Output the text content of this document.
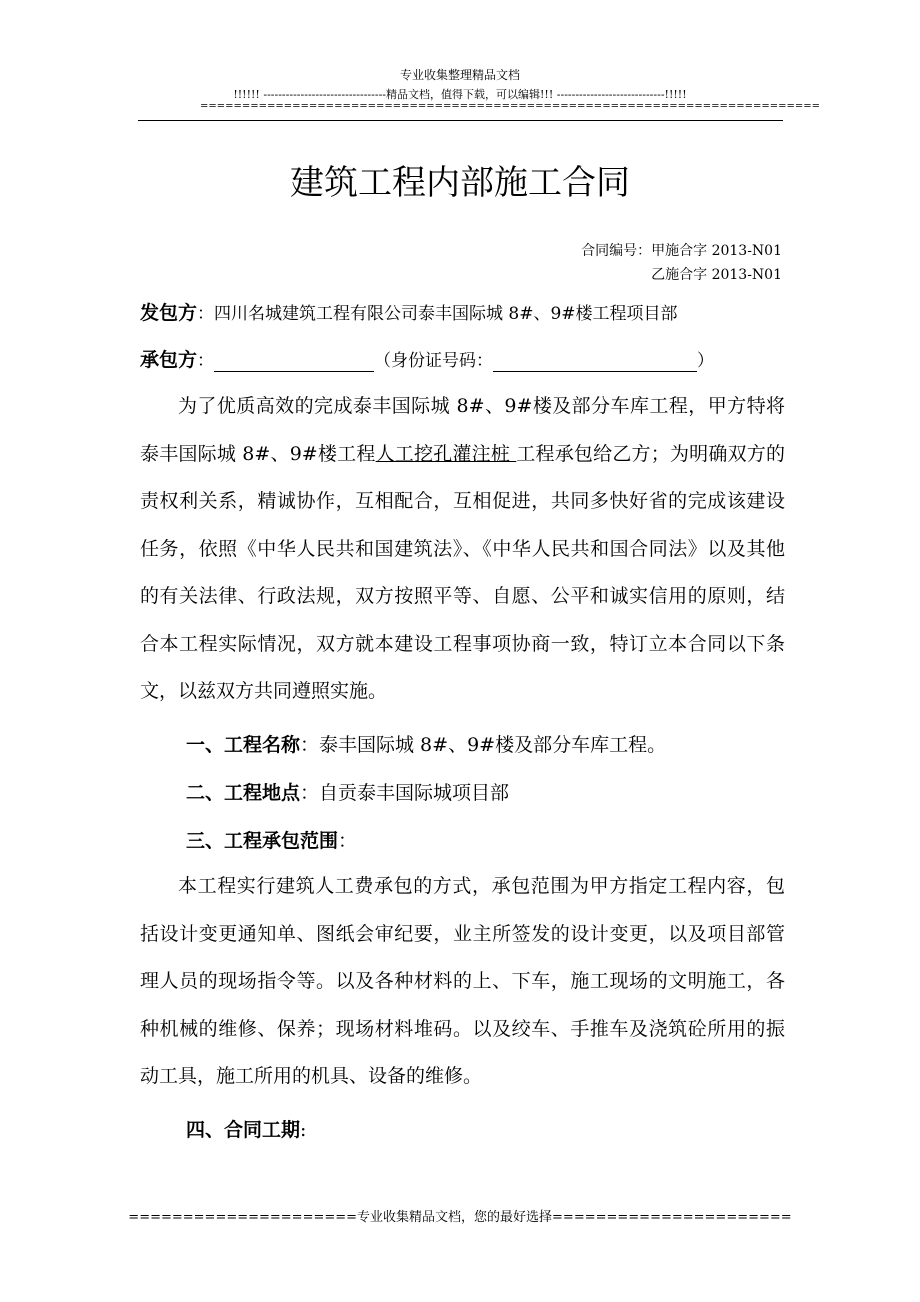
专业收集整理精品文档
!!!!!! ---------------------------------精品文档，值得下载，可以编辑!!! -----------------------------!!!!!
==========================================================================
建筑工程内部施工合同
合同编号：甲施合字 2013-N01
乙施合字 2013-N01
发包方：四川名城建筑工程有限公司泰丰国际城 8#、9#楼工程项目部
承包方：	（身份证号码：	）

为了优质高效的完成泰丰国际城 8#、9#楼及部分车库工程，甲方特将泰丰国际城 8#、9#楼工程人工挖孔灌注桩 工程承包给乙方；为明确双方的责权利关系，精诚协作，互相配合，互相促进，共同多快好省的完成该建设任务，依照《中华人民共和国建筑法》、《中华人民共和国合同法》以及其他的有关法律、行政法规，双方按照平等、自愿、公平和诚实信用的原则，结合本工程实际情况，双方就本建设工程事项协商一致，特订立本合同以下条文，以兹双方共同遵照实施。

一、工程名称：泰丰国际城 8#、9#楼及部分车库工程。
二、工程地点：自贡泰丰国际城项目部
三、工程承包范围：

本工程实行建筑人工费承包的方式，承包范围为甲方指定工程内容，包括设计变更通知单、图纸会审纪要，业主所签发的设计变更，以及项目部管理人员的现场指令等。以及各种材料的上、下车，施工现场的文明施工，各种机械的维修、保养；现场材料堆码。以及绞车、手推车及浇筑砼所用的振动工具，施工所用的机具、设备的维修。

四、合同工期:
=====================专业收集精品文档，您的最好选择======================
